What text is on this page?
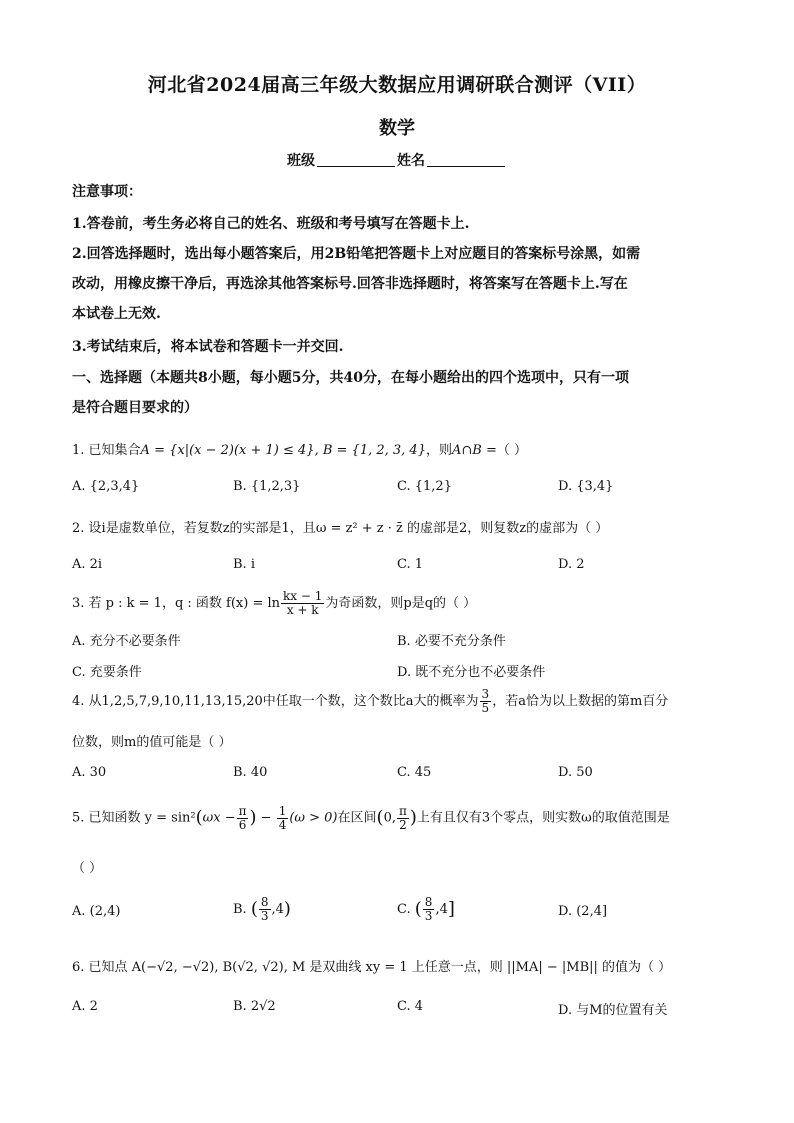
河北省2024届高三年级大数据应用调研联合测评（VII）
数学
班级	姓名
注意事项：
1.答卷前，考生务必将自己的姓名、班级和考号填写在答题卡上.
2.回答选择题时，选出每小题答案后，用2B铅笔把答题卡上对应题目的答案标号涂黑，如需
改动，用橡皮擦干净后，再选涂其他答案标号.回答非选择题时，将答案写在答题卡上.写在
本试卷上无效.
3.考试结束后，将本试卷和答题卡一并交回.
一、选择题（本题共8小题，每小题5分，共40分，在每小题给出的四个选项中，只有一项
是符合题目要求的）
1. 已知集合A = {x|(x − 2)(x + 1) ≤ 4}, B = {1, 2, 3, 4}，则A∩B =（ ）
A. {2,3,4}	B. {1,2,3}	C. {1,2}	D. {3,4}
2. 设i是虚数单位，若复数z的实部是1，且ω = z² + z · z̄ 的虚部是2，则复数z的虚部为（ ）
A. 2i	B. i	C. 1	D. 2
3. 若 p : k = 1，q : 函数 $f(x) = \ln \frac{kx - 1}{x + k}$ 为奇函数，则p是q的（ ）
A. 充分不必要条件	B. 必要不充分条件
C. 充要条件	D. 既不充分也不必要条件
4. 从1,2,5,7,9,10,11,13,15,20中任取一个数，这个数比a大的概率为 $\frac{3}{5}$ ，若a恰为以上数据的第m百分
位数，则m的值可能是（ ）
A. 30	B. 40	C. 45	D. 50
5. 已知函数 $y = \sin^2(\omega x - \frac{\pi}{6}$ ) − $\frac{1}{4} (\omega > 0)$在区间(0, $\frac{\pi}{2}$ )上有且仅有3个零点，则实数ω的取值范围是
（ ）
A. (2,4)	B. ( $\frac{8}{3} ,4$)	C. ( $\frac{8}{3} ,4$]	D. (2,4]
6. 已知点 A(−√2, −√2), B(√2, √2), M 是双曲线 xy = 1 上任意一点，则 ||MA| − |MB|| 的值为（ ）
A. 2	B. 2√2	C. 4	D. 与M的位置有关
